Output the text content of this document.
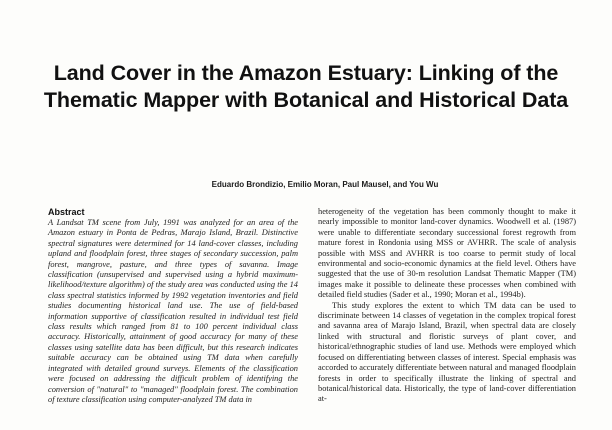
Land Cover in the Amazon Estuary: Linking of the Thematic Mapper with Botanical and Historical Data
Eduardo Brondizio, Emilio Moran, Paul Mausel, and You Wu

Abstract

A Landsat TM scene from July, 1991 was analyzed for an area of the Amazon estuary in Ponta de Pedras, Marajo Island, Brazil. Distinctive spectral signatures were determined for 14 land-cover classes, including upland and floodplain forest, three stages of secondary succession, palm forest, mangrove, pasture, and three types of savanna. Image classification (unsupervised and supervised using a hybrid maximum-likelihood/texture algorithm) of the study area was conducted using the 14 class spectral statistics informed by 1992 vegetation inventories and field studies documenting historical land use. The use of field-based information supportive of classification resulted in individual test field class results which ranged from 81 to 100 percent individual class accuracy. Historically, attainment of good accuracy for many of these classes using satellite data has been difficult, but this research indicates suitable accuracy can be obtained using TM data when carefully integrated with detailed ground surveys. Elements of the classification were focused on addressing the difficult problem of identifying the conversion of "natural" to "managed" floodplain forest. The combination of texture classification using computer-analyzed TM data in

heterogeneity of the vegetation has been commonly thought to make it nearly impossible to monitor land-cover dynamics. Woodwell et al. (1987) were unable to differentiate secondary successional forest regrowth from mature forest in Rondonia using MSS or AVHRR. The scale of analysis possible with MSS and AVHRR is too coarse to permit study of local environmental and socio-economic dynamics at the field level. Others have suggested that the use of 30-m resolution Landsat Thematic Mapper (TM) images make it possible to delineate these processes when combined with detailed field studies (Sader et al., 1990; Moran et al., 1994b).

This study explores the extent to which TM data can be used to discriminate between 14 classes of vegetation in the complex tropical forest and savanna area of Marajo Island, Brazil, when spectral data are closely linked with structural and floristic surveys of plant cover, and historical/ethnographic studies of land use. Methods were employed which focused on differentiating between classes of interest. Special emphasis was accorded to accurately differentiate between natural and managed floodplain forests in order to specifically illustrate the linking of spectral and botanical/historical data. Historically, the type of land-cover differentiation at-
